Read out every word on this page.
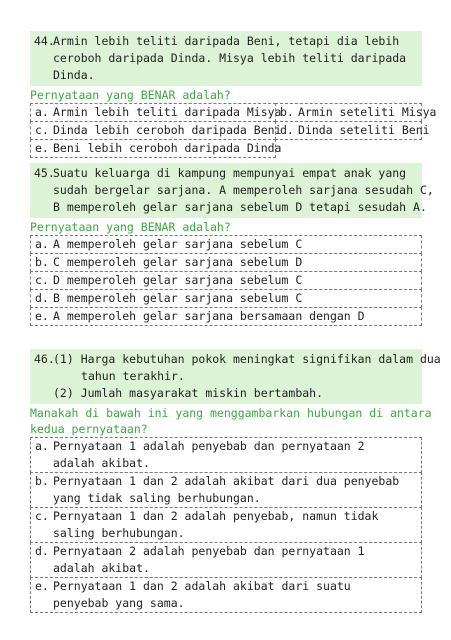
44.Armin lebih teliti daripada Beni, tetapi dia lebih
ceroboh daripada Dinda. Misya lebih teliti daripada
Dinda.
Pernyataan yang BENAR adalah?
a. Armin lebih teliti daripada Misya
b. Armin seteliti Misya
c. Dinda lebih ceroboh daripada Beni
d. Dinda seteliti Beni
e. Beni lebih ceroboh daripada Dinda
45.Suatu keluarga di kampung mempunyai empat anak yang
sudah bergelar sarjana. A memperoleh sarjana sesudah C,
B memperoleh gelar sarjana sebelum D tetapi sesudah A.
Pernyataan yang BENAR adalah?
a. A memperoleh gelar sarjana sebelum C
b. C memperoleh gelar sarjana sebelum D
c. D memperoleh gelar sarjana sebelum C
d. B memperoleh gelar sarjana sebelum C
e. A memperoleh gelar sarjana bersamaan dengan D
46.(1) Harga kebutuhan pokok meningkat signifikan dalam dua
tahun terakhir.
(2) Jumlah masyarakat miskin bertambah.
Manakah di bawah ini yang menggambarkan hubungan di antara
kedua pernyataan?
a. Pernyataan 1 adalah penyebab dan pernyataan 2 adalah akibat.
b. Pernyataan 1 dan 2 adalah akibat dari dua penyebab yang tidak saling berhubungan.
c. Pernyataan 1 dan 2 adalah penyebab, namun tidak saling berhubungan.
d. Pernyataan 2 adalah penyebab dan pernyataan 1 adalah akibat.
e. Pernyataan 1 dan 2 adalah akibat dari suatu penyebab yang sama.
